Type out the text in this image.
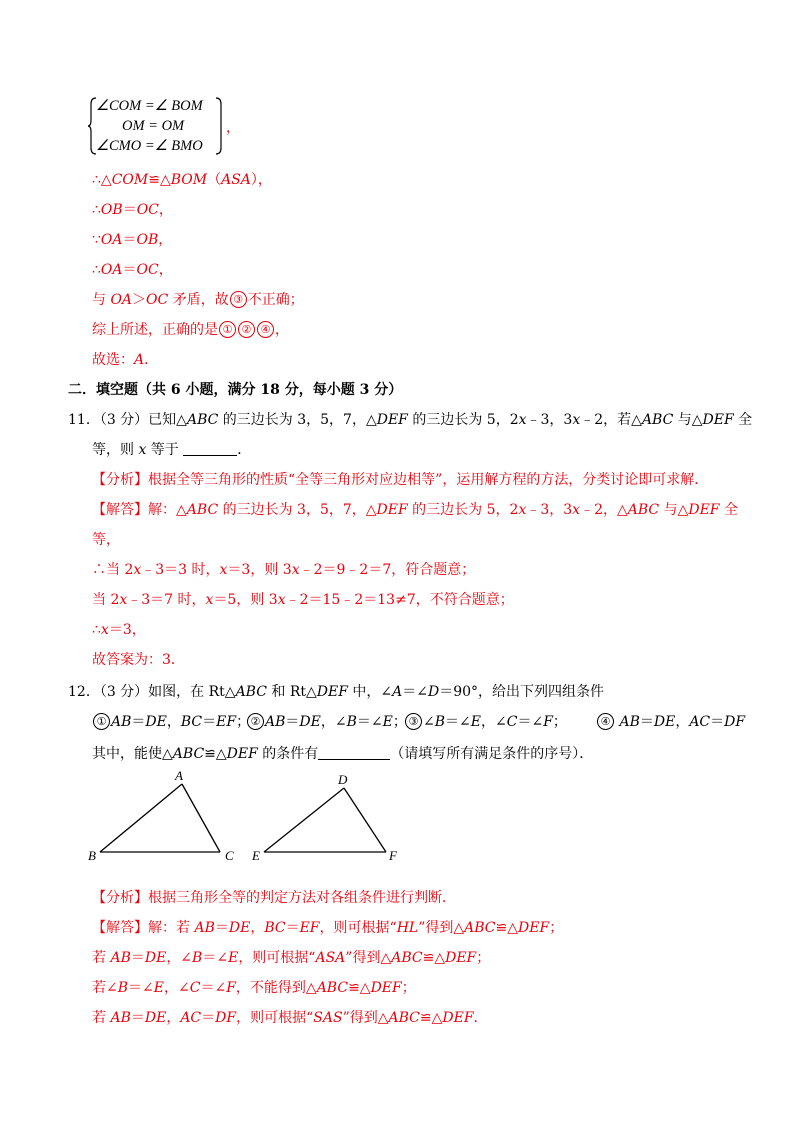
∠COM =∠ BOM
OM = OM
∠CMO =∠ BMO
，
∴△COM≌△BOM（ASA），
∴OB＝OC，
∵OA＝OB，
∴OA＝OC，
与 OA＞OC 矛盾，故 ③ 不正确；
综上所述，正确的是 ① ② ④ ，
故选：A．
二．填空题（共 6 小题，满分 18 分，每小题 3 分）
11．（3 分）已知△ABC 的三边长为 3，5，7，△DEF 的三边长为 5，2x﹣3，3x﹣2，若△ABC 与△DEF 全
等，则 x 等于	．
【分析】根据全等三角形的性质“全等三角形对应边相等”，运用解方程的方法，分类讨论即可求解．
【解答】解：△ABC 的三边长为 3，5，7，△DEF 的三边长为 5，2x﹣3，3x﹣2，△ABC 与△DEF 全
等，
∴当 2x﹣3＝3 时，x＝3，则 3x﹣2＝9﹣2＝7，符合题意；
当 2x﹣3＝7 时，x＝5，则 3x﹣2＝15﹣2＝13≠7，不符合题意；
∴x＝3，
故答案为：3．
12．（3 分）如图，在 Rt△ABC 和 Rt△DEF 中，∠A＝∠D＝90°，给出下列四组条件
① AB＝DE，BC＝EF； ② AB＝DE，∠B＝∠E； ③ ∠B＝∠E，∠C＝∠F；	④ AB＝DE，AC＝DF
其中，能使△ABC≌△DEF 的条件有	（请填写所有满足条件的序号）．
A
B	C
D
E	F
【分析】根据三角形全等的判定方法对各组条件进行判断．
【解答】解：若 AB＝DE，BC＝EF，则可根据“HL”得到△ABC≌△DEF；
若 AB＝DE，∠B＝∠E，则可根据“ASA”得到△ABC≌△DEF；
若∠B＝∠E，∠C＝∠F，不能得到△ABC≌△DEF；
若 AB＝DE，AC＝DF，则可根据“SAS”得到△ABC≌△DEF．
